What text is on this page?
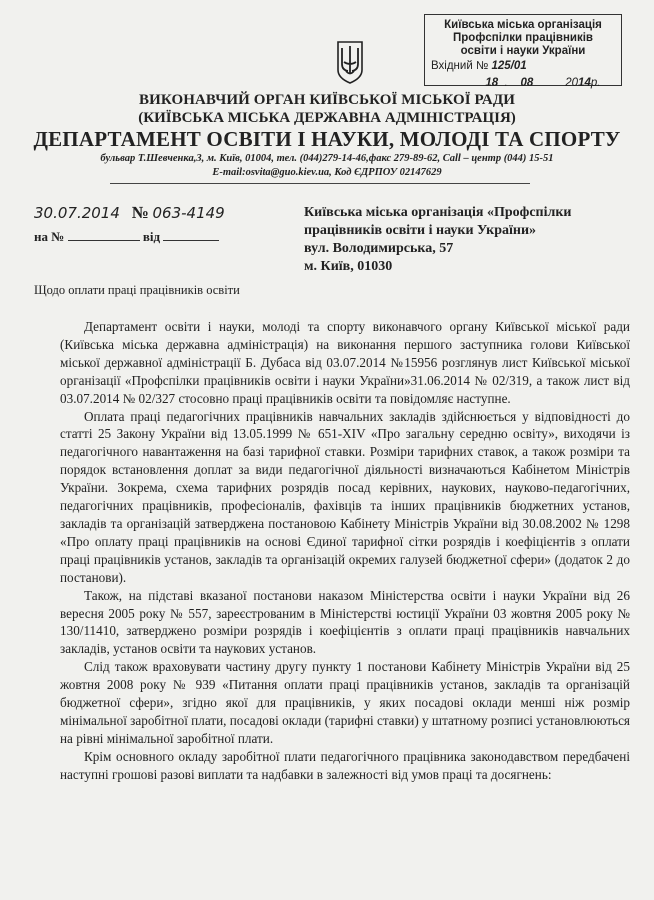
Київська міська організація
Профспілки працівників
освіти і науки України
Вхідний № 125/01
18  .    08	2014р.
ВИКОНАВЧИЙ ОРГАН КИЇВСЬКОЇ МІСЬКОЇ РАДИ
(КИЇВСЬКА МІСЬКА ДЕРЖАВНА АДМІНІСТРАЦІЯ)
ДЕПАРТАМЕНТ ОСВІТИ І НАУКИ, МОЛОДІ ТА СПОРТУ
бульвар Т.Шевченка,3, м. Київ, 01004, тел. (044)279-14-46,факс 279-89-62, Call – центр (044) 15-51
E-mail:osvita@guo.kiev.ua, Код ЄДРПОУ 02147629
30.07.2014 № 063-4149
на №	від
Київська міська організація «Профспілки
працівників освіти і науки України»
вул. Володимирська, 57
м. Київ, 01030
Щодо оплати праці працівників освіти

Департамент освіти і науки, молоді та спорту виконавчого органу Київської міської ради (Київська міська державна адміністрація) на виконання першого заступника голови Київської міської державної адміністрації Б. Дубаса від 03.07.2014 №15956 розглянув лист Київської міської організації «Профспілки працівників освіти і науки України»31.06.2014 № 02/319, а також лист від 03.07.2014 № 02/327 стосовно праці працівників освіти та повідомляє наступне.

Оплата праці педагогічних працівників навчальних закладів здійснюється у відповідності до статті 25 Закону України від 13.05.1999 № 651-XIV «Про загальну середню освіту», виходячи із педагогічного навантаження на базі тарифної ставки. Розміри тарифних ставок, а також розміри та порядок встановлення доплат за види педагогічної діяльності визначаються Кабінетом Міністрів України. Зокрема, схема тарифних розрядів посад керівних, наукових, науково-педагогічних, педагогічних працівників, професіоналів, фахівців та інших працівників бюджетних установ, закладів та організацій затверджена постановою Кабінету Міністрів України від 30.08.2002 № 1298 «Про оплату праці працівників на основі Єдиної тарифної сітки розрядів і коефіцієнтів з оплати праці працівників установ, закладів та організацій окремих галузей бюджетної сфери» (додаток 2 до постанови).

Також, на підставі вказаної постанови наказом Міністерства освіти і науки України від 26 вересня 2005 року № 557, зареєстрованим в Міністерстві юстиції України 03 жовтня 2005 року № 130/11410, затверджено розміри розрядів і коефіцієнтів з оплати праці працівників навчальних закладів, установ освіти та наукових установ.

Слід також враховувати частину другу пункту 1 постанови Кабінету Міністрів України від 25 жовтня 2008 року № 939 «Питання оплати праці працівників установ, закладів та організацій бюджетної сфери», згідно якої для працівників, у яких посадові оклади менші ніж розмір мінімальної заробітної плати, посадові оклади (тарифні ставки) у штатному розписі установлюються на рівні мінімальної заробітної плати.

Крім основного окладу заробітної плати педагогічного працівника законодавством передбачені наступні грошові разові виплати та надбавки в залежності від умов праці та досягнень:
